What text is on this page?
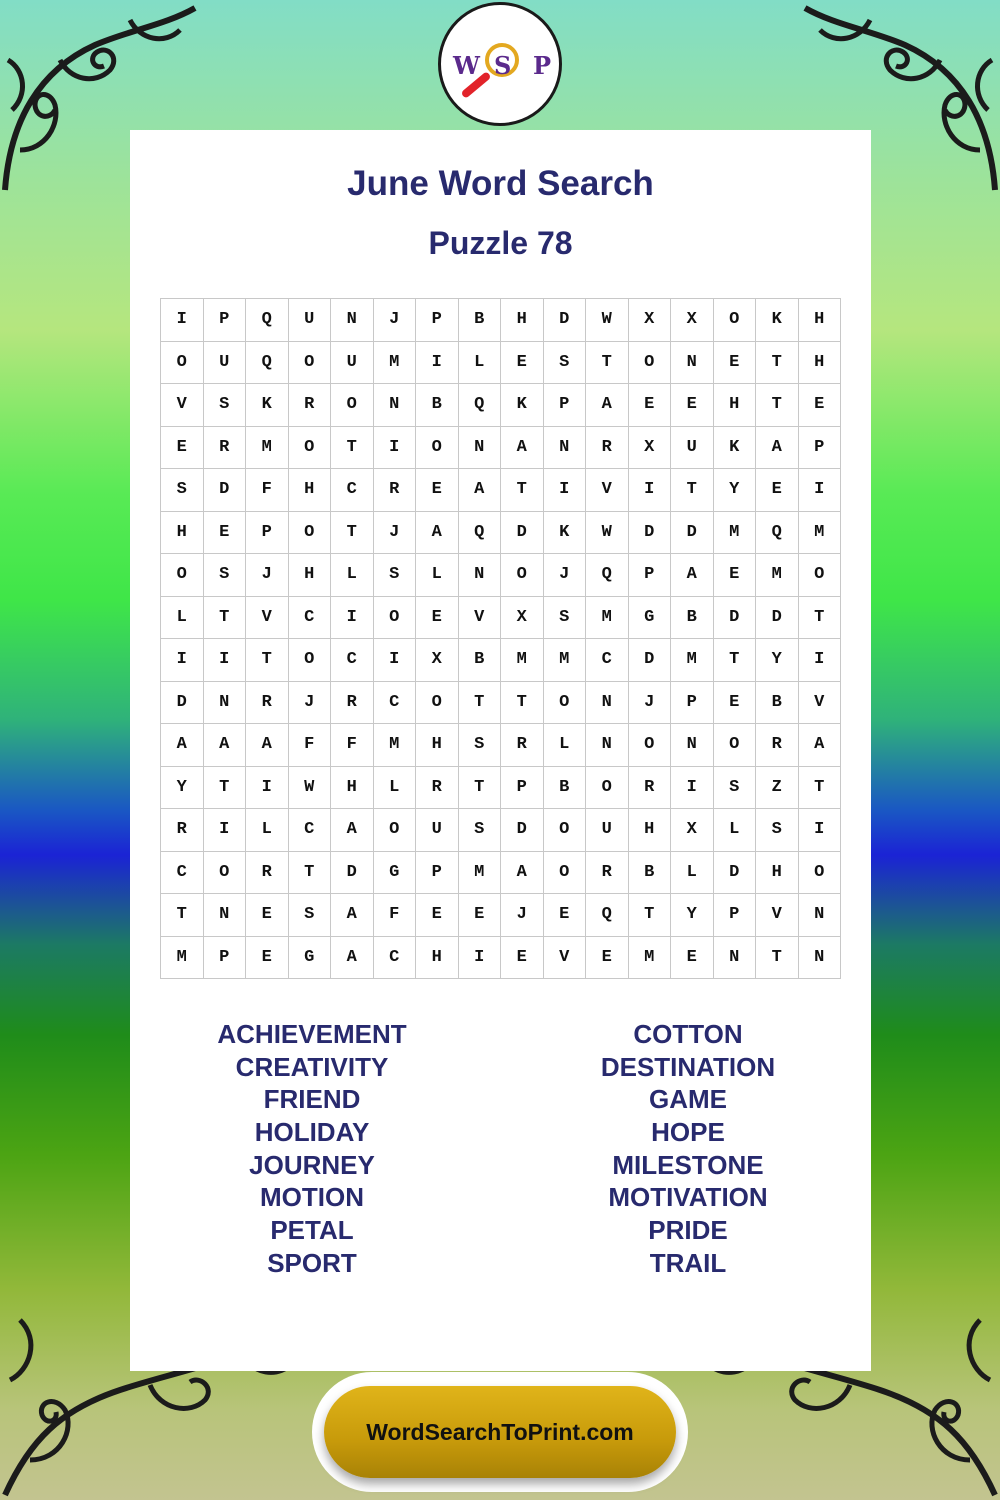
W S P
June Word Search
Puzzle 78
I	P	Q	U	N	J	P	B	H	D	W	X	X	O	K	H
O	U	Q	O	U	M	I	L	E	S	T	O	N	E	T	H
V	S	K	R	O	N	B	Q	K	P	A	E	E	H	T	E
E	R	M	O	T	I	O	N	A	N	R	X	U	K	A	P
S	D	F	H	C	R	E	A	T	I	V	I	T	Y	E	I
H	E	P	O	T	J	A	Q	D	K	W	D	D	M	Q	M
O	S	J	H	L	S	L	N	O	J	Q	P	A	E	M	O
L	T	V	C	I	O	E	V	X	S	M	G	B	D	D	T
I	I	T	O	C	I	X	B	M	M	C	D	M	T	Y	I
D	N	R	J	R	C	O	T	T	O	N	J	P	E	B	V
A	A	A	F	F	M	H	S	R	L	N	O	N	O	R	A
Y	T	I	W	H	L	R	T	P	B	O	R	I	S	Z	T
R	I	L	C	A	O	U	S	D	O	U	H	X	L	S	I
C	O	R	T	D	G	P	M	A	O	R	B	L	D	H	O
T	N	E	S	A	F	E	E	J	E	Q	T	Y	P	V	N
M	P	E	G	A	C	H	I	E	V	E	M	E	N	T	N
ACHIEVEMENT
CREATIVITY
FRIEND
HOLIDAY
JOURNEY
MOTION
PETAL
SPORT
COTTON
DESTINATION
GAME
HOPE
MILESTONE
MOTIVATION
PRIDE
TRAIL
WordSearchToPrint.com
